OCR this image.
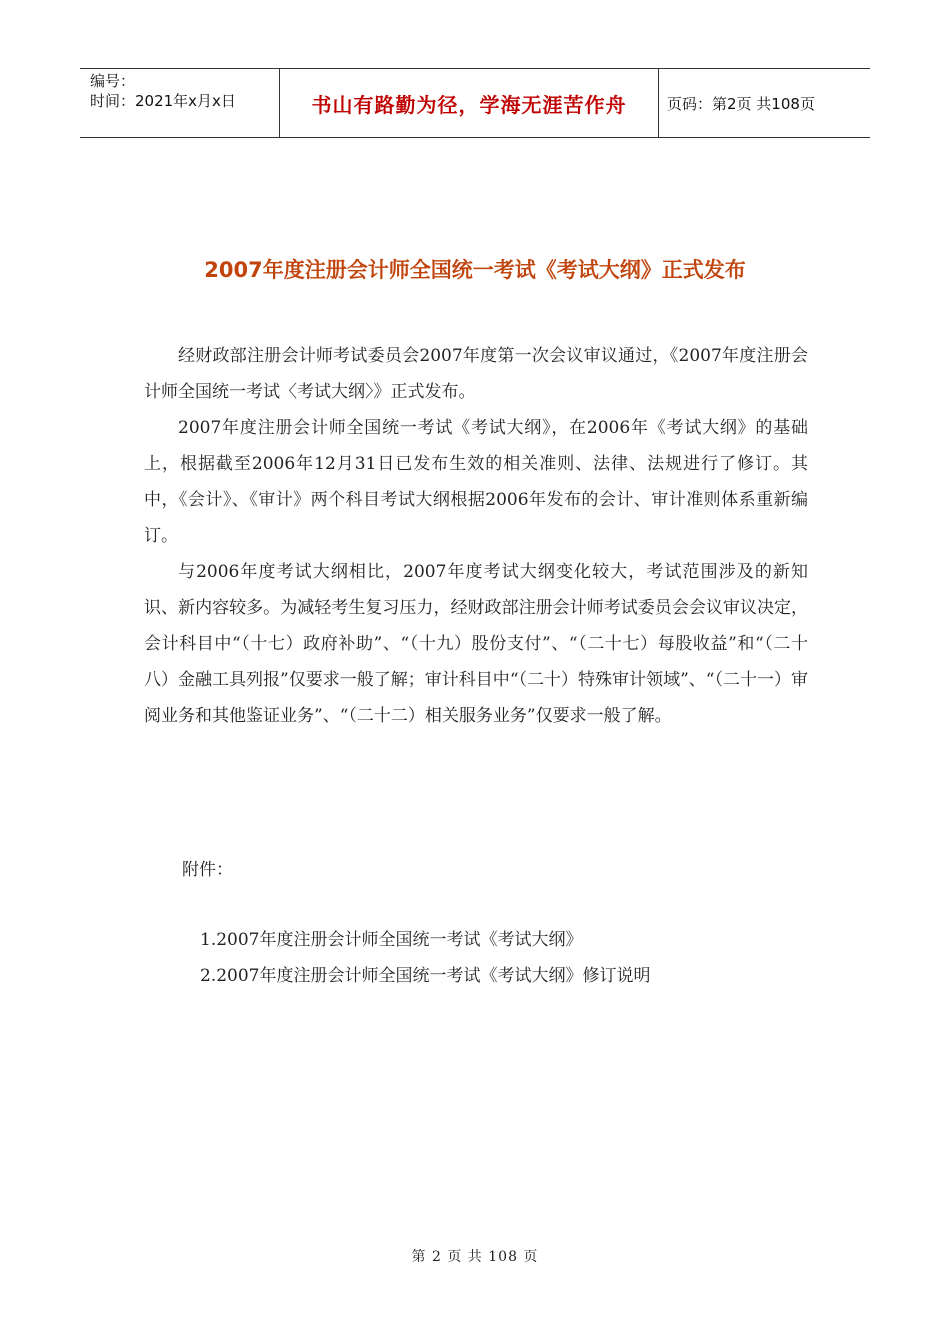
编号：
时间：2021年x月x日	书山有路勤为径，学海无涯苦作舟	页码：第2页 共108页
2007年度注册会计师全国统一考试《考试大纲》正式发布

经财政部注册会计师考试委员会2007年度第一次会议审议通过，《2007年度注册会计师全国统一考试〈考试大纲〉》正式发布。

2007年度注册会计师全国统一考试《考试大纲》，在2006年《考试大纲》的基础上，根据截至2006年12月31日已发布生效的相关准则、法律、法规进行了修订。其中，《会计》、《审计》两个科目考试大纲根据2006年发布的会计、审计准则体系重新编订。

与2006年度考试大纲相比，2007年度考试大纲变化较大，考试范围涉及的新知识、新内容较多。为减轻考生复习压力，经财政部注册会计师考试委员会会议审议决定，会计科目中“（十七）政府补助”、“（十九）股份支付”、“（二十七）每股收益”和“（二十八）金融工具列报”仅要求一般了解；审计科目中“（二十）特殊审计领域”、“（二十一）审阅业务和其他鉴证业务”、“（二十二）相关服务业务”仅要求一般了解。

附件：
1.2007年度注册会计师全国统一考试《考试大纲》
2.2007年度注册会计师全国统一考试《考试大纲》修订说明
第 2 页 共 108 页
